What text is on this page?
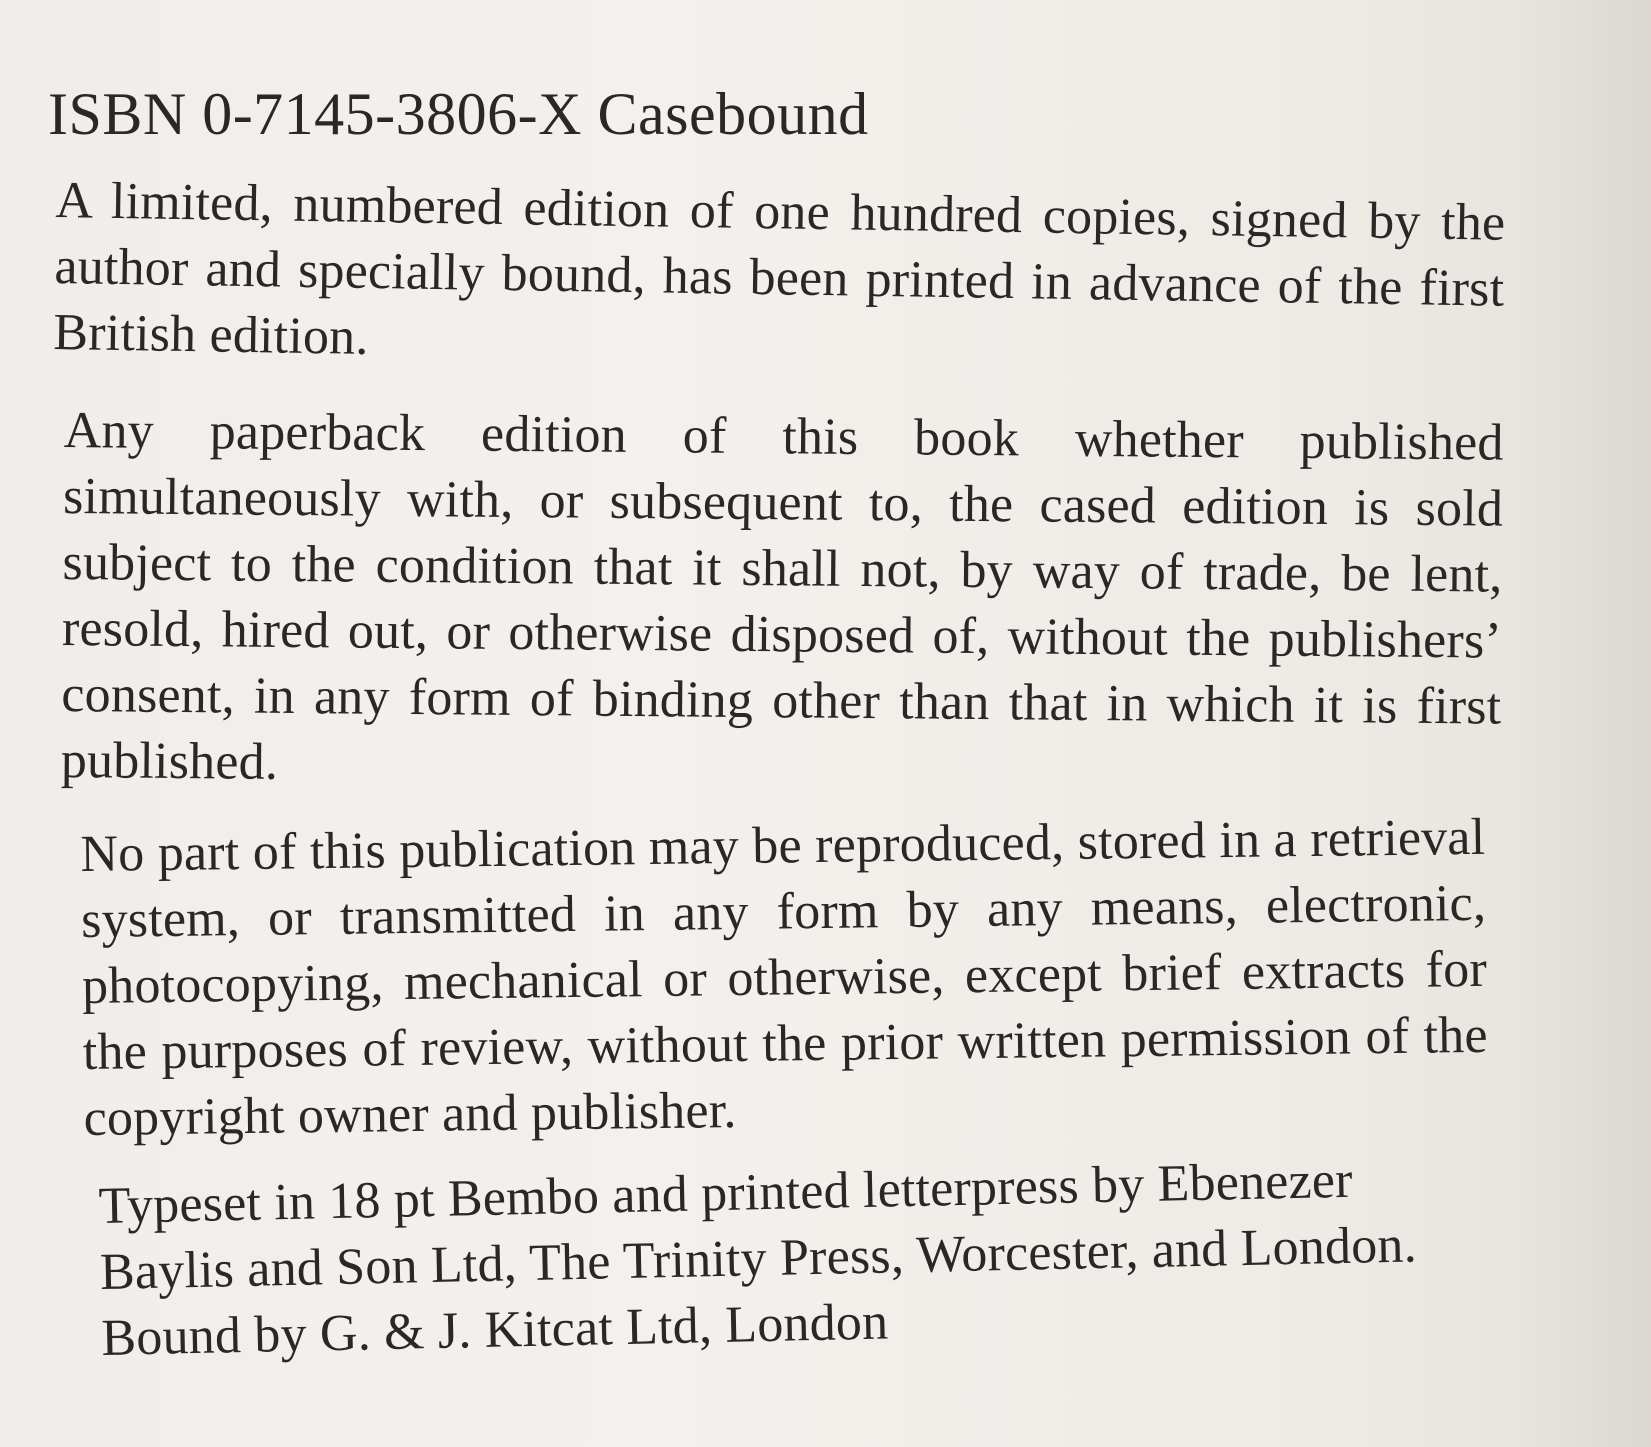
ISBN 0-7145-3806-X Casebound
A limited, numbered edition of one hundred copies, signed by the author and specially bound, has been printed in advance of the first British edition.
Any paperback edition of this book whether published simultaneously with, or subsequent to, the cased edition is sold subject to the condition that it shall not, by way of trade, be lent, resold, hired out, or otherwise disposed of, without the publishers’ consent, in any form of binding other than that in which it is first published.
No part of this publication may be reproduced, stored in a retrieval system, or transmitted in any form by any means, electronic, photocopying, mechanical or otherwise, except brief extracts for the purposes of review, without the prior written permission of the copyright owner and publisher.
Typeset in 18 pt Bembo and printed letterpress by Ebenezer
Baylis and Son Ltd, The Trinity Press, Worcester, and London.
Bound by G. & J. Kitcat Ltd, London
